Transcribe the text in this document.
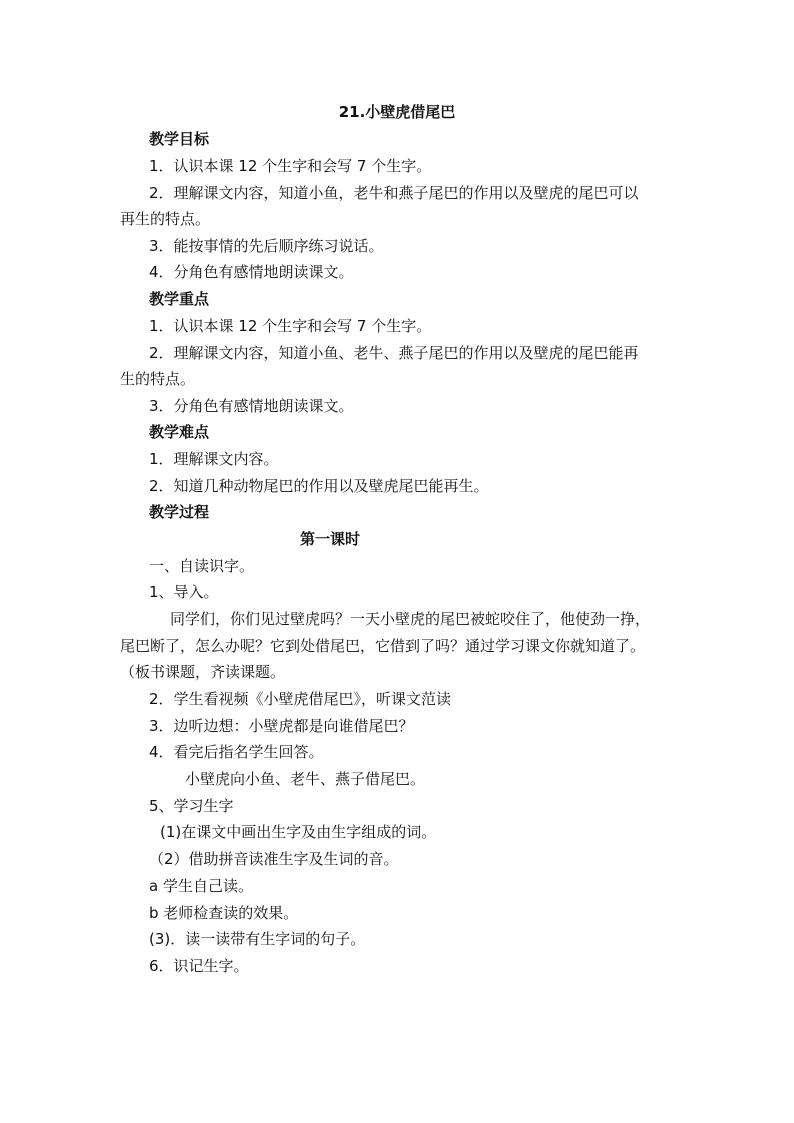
21.小壁虎借尾巴
教学目标
1．认识本课 12 个生字和会写 7 个生字。
2．理解课文内容，知道小鱼，老牛和燕子尾巴的作用以及壁虎的尾巴可以
再生的特点。
3．能按事情的先后顺序练习说话。
4．分角色有感情地朗读课文。
教学重点
1．认识本课 12 个生字和会写 7 个生字。
2．理解课文内容，知道小鱼、老牛、燕子尾巴的作用以及壁虎的尾巴能再
生的特点。
3．分角色有感情地朗读课文。
教学难点
1．理解课文内容。
2．知道几种动物尾巴的作用以及壁虎尾巴能再生。
教学过程
第一课时
一、自读识字。
1、导入。
同学们，你们见过壁虎吗？一天小壁虎的尾巴被蛇咬住了，他使劲一挣，
尾巴断了，怎么办呢？它到处借尾巴，它借到了吗？通过学习课文你就知道了。
（板书课题，齐读课题。
2．学生看视频《小壁虎借尾巴》，听课文范读
3．边听边想：小壁虎都是向谁借尾巴？
4．看完后指名学生回答。
小壁虎向小鱼、老牛、燕子借尾巴。
5、学习生字
(1)在课文中画出生字及由生字组成的词。
（2）借助拼音读准生字及生词的音。
a 学生自己读。
b 老师检查读的效果。
(3)．读一读带有生字词的句子。
6．识记生字。
